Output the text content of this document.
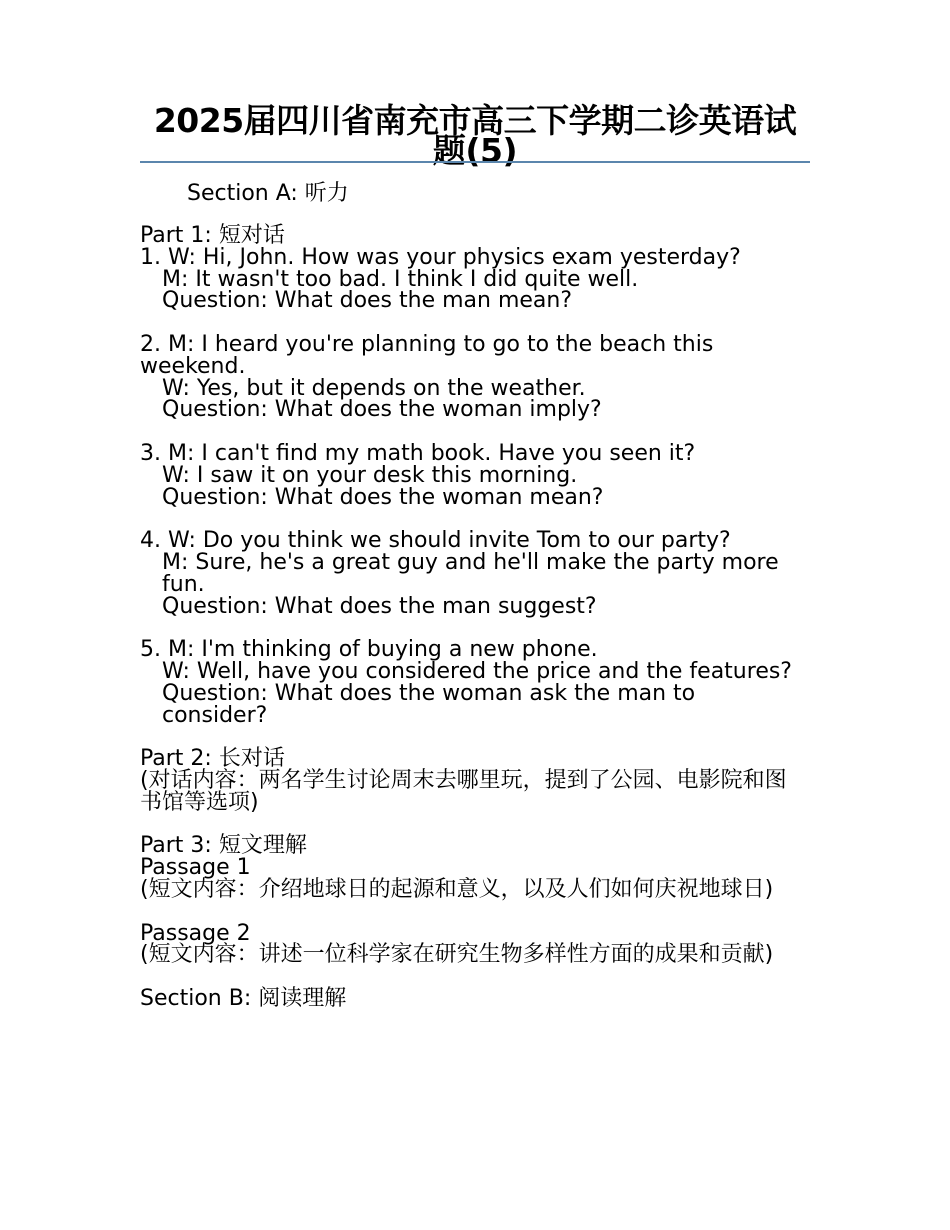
2025届四川省南充市高三下学期二诊英语试题(5)
Section A: 听力
Part 1: 短对话
1. W: Hi, John. How was your physics exam yesterday?
M: It wasn't too bad. I think I did quite well.
Question: What does the man mean?
2. M: I heard you're planning to go to the beach this weekend.
W: Yes, but it depends on the weather.
Question: What does the woman imply?
3. M: I can't find my math book. Have you seen it?
W: I saw it on your desk this morning.
Question: What does the woman mean?
4. W: Do you think we should invite Tom to our party?
M: Sure, he's a great guy and he'll make the party more fun.
Question: What does the man suggest?
5. M: I'm thinking of buying a new phone.
W: Well, have you considered the price and the features?
Question: What does the woman ask the man to consider?
Part 2: 长对话
(对话内容：两名学生讨论周末去哪里玩，提到了公园、电影院和图书馆等选项)
Part 3: 短文理解
Passage 1
(短文内容：介绍地球日的起源和意义，以及人们如何庆祝地球日)
Passage 2
(短文内容：讲述一位科学家在研究生物多样性方面的成果和贡献)
Section B: 阅读理解
